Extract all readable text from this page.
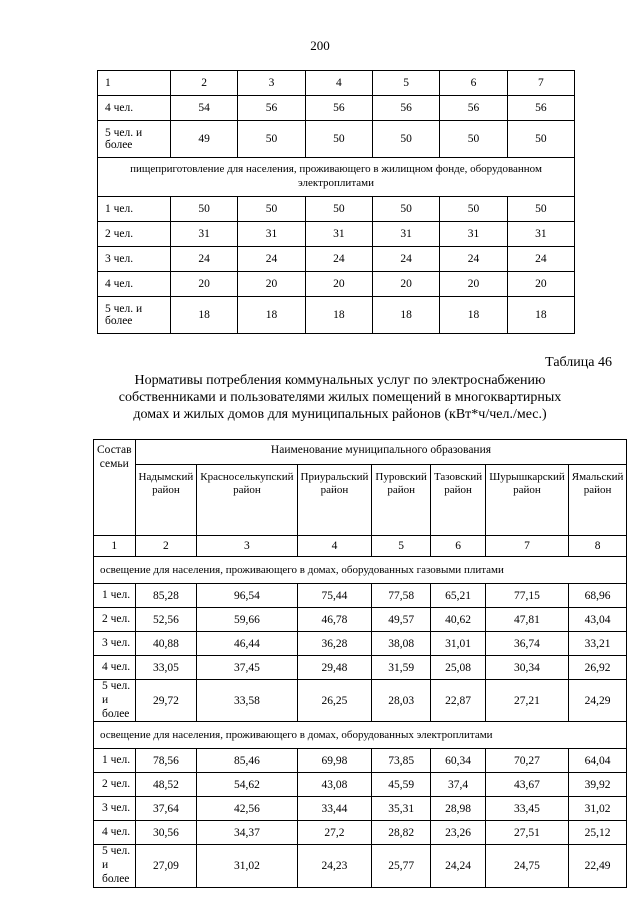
200
1	2	3	4	5	6	7
4 чел.	54	56	56	56	56	56
5 чел. и более	49	50	50	50	50	50
пищеприготовление для населения, проживающего в жилищном фонде, оборудованном электроплитами						
1 чел.	50	50	50	50	50	50
2 чел.	31	31	31	31	31	31
3 чел.	24	24	24	24	24	24
4 чел.	20	20	20	20	20	20
5 чел. и более	18	18	18	18	18	18
Таблица 46
Нормативы потребления коммунальных услуг по электроснабжению собственниками и пользователями жилых помещений в многоквартирных домах и жилых домов для муниципальных районов (кВт*ч/чел./мес.)
Состав семьи	Наименование муниципального образования						
	Надымский район	Красноселькупский район	Приуральский район	Пуровский район	Тазовский район	Шурышкарский район	Ямальский район
1	2	3	4	5	6	7	8
освещение для населения, проживающего в домах, оборудованных газовыми плитами							
1 чел.	85,28	96,54	75,44	77,58	65,21	77,15	68,96
2 чел.	52,56	59,66	46,78	49,57	40,62	47,81	43,04
3 чел.	40,88	46,44	36,28	38,08	31,01	36,74	33,21
4 чел.	33,05	37,45	29,48	31,59	25,08	30,34	26,92
5 чел. и более	29,72	33,58	26,25	28,03	22,87	27,21	24,29
освещение для населения, проживающего в домах, оборудованных электроплитами							
1 чел.	78,56	85,46	69,98	73,85	60,34	70,27	64,04
2 чел.	48,52	54,62	43,08	45,59	37,4	43,67	39,92
3 чел.	37,64	42,56	33,44	35,31	28,98	33,45	31,02
4 чел.	30,56	34,37	27,2	28,82	23,26	27,51	25,12
5 чел. и более	27,09	31,02	24,23	25,77	24,24	24,75	22,49
